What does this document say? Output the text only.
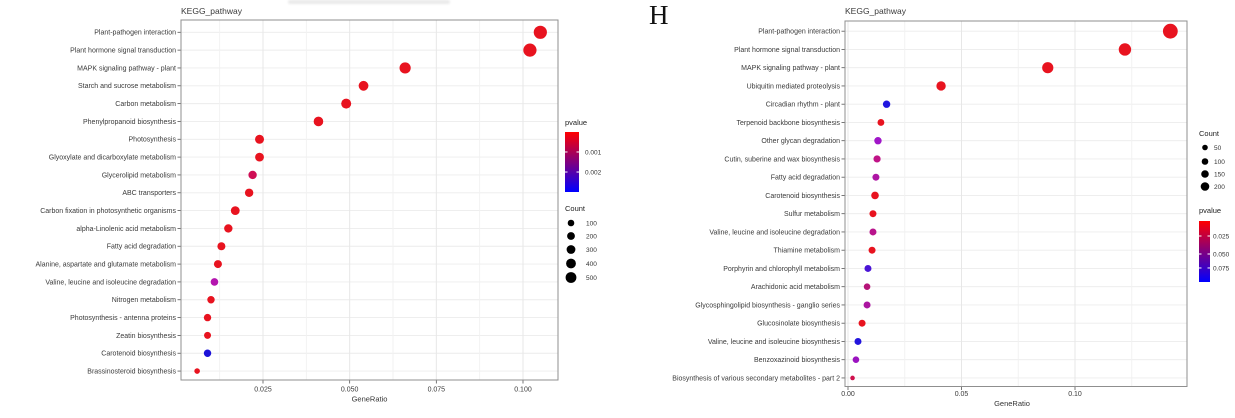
H
KEGG_pathway
Plant-pathogen interaction
Plant hormone signal transduction
MAPK signaling pathway - plant
Starch and sucrose metabolism
Carbon metabolism
Phenylpropanoid biosynthesis
Photosynthesis
Glyoxylate and dicarboxylate metabolism
Glycerolipid metabolism
ABC transporters
Carbon fixation in photosynthetic organisms
alpha-Linolenic acid metabolism
Fatty acid degradation
Alanine, aspartate and glutamate metabolism
Valine, leucine and isoleucine degradation
Nitrogen metabolism
Photosynthesis - antenna proteins
Zeatin biosynthesis
Carotenoid biosynthesis
Brassinosteroid biosynthesis
0.025	0.050	0.075	0.100
GeneRatio
pvalue
0.001
0.002
Count
100
200
300
400
500
KEGG_pathway
Plant-pathogen interaction
Plant hormone signal transduction
MAPK signaling pathway - plant
Ubiquitin mediated proteolysis
Circadian rhythm - plant
Terpenoid backbone biosynthesis
Other glycan degradation
Cutin, suberine and wax biosynthesis
Fatty acid degradation
Carotenoid biosynthesis
Sulfur metabolism
Valine, leucine and isoleucine degradation
Thiamine metabolism
Porphyrin and chlorophyll metabolism
Arachidonic acid metabolism
Glycosphingolipid biosynthesis - ganglio series
Glucosinolate biosynthesis
Valine, leucine and isoleucine biosynthesis
Benzoxazinoid biosynthesis
Biosynthesis of various secondary metabolites - part 2
0.00	0.05	0.10
GeneRatio
Count
50
100
150
200
pvalue
0.025
0.050
0.075
